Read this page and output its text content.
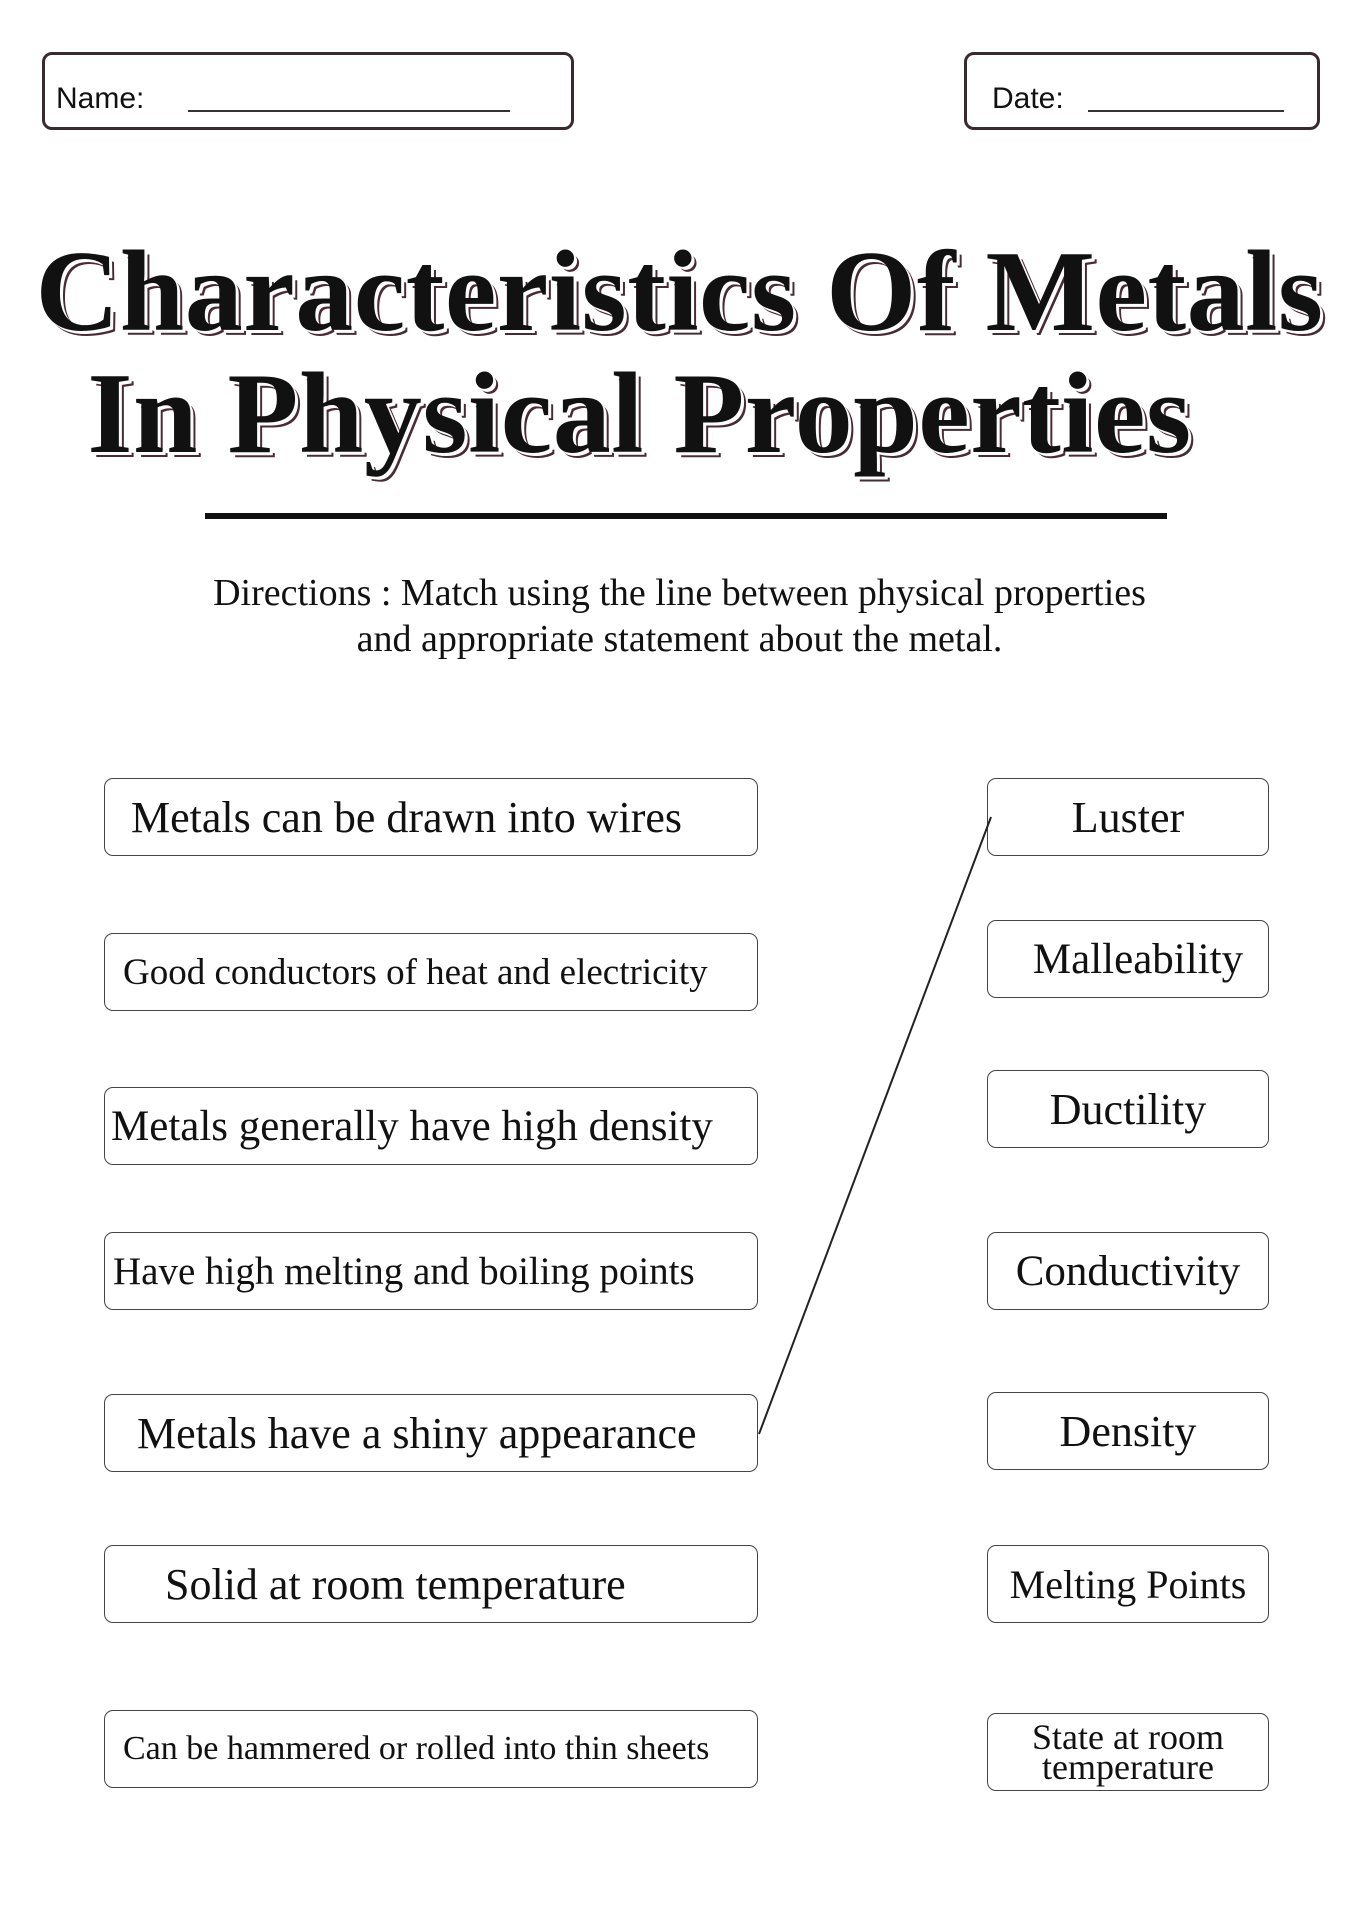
Name:	Date:
Characteristics Of Metals
In Physical Properties
Directions : Match using the line between physical properties
and appropriate statement about the metal.
Metals can be drawn into wires
Good conductors of heat and electricity
Metals generally have high density
Have high melting and boiling points
Metals have a shiny appearance
Solid at room temperature
Can be hammered or rolled into thin sheets
Luster
Malleability
Ductility
Conductivity
Density
Melting Points
State at room temperature
